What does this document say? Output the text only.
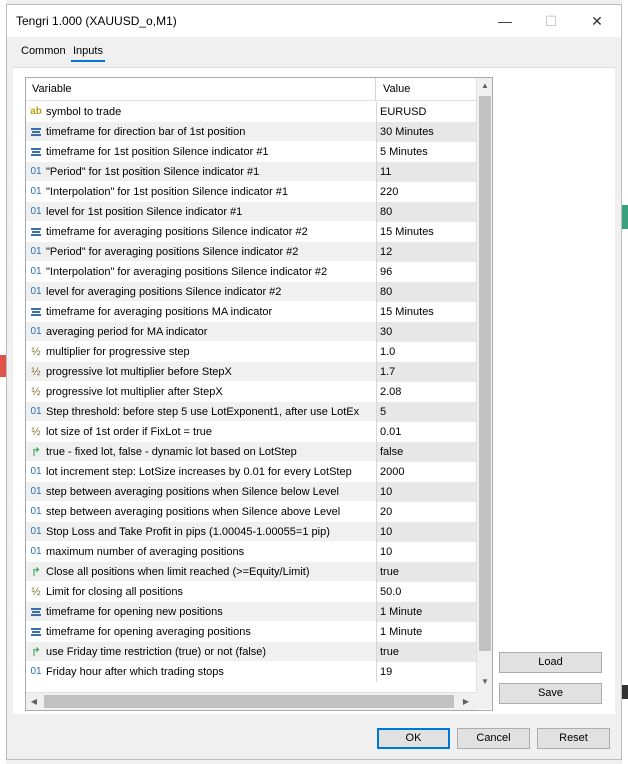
Tengri 1.000 (XAUUSD_o,M1)	—	☐	✕
Common Inputs
Variable	Value
ab symbol to trade	EURUSD
timeframe for direction bar of 1st position	30 Minutes
timeframe for 1st position Silence indicator #1	5 Minutes
01 "Period" for 1st position Silence indicator #1	11
01 "Interpolation" for 1st position Silence indicator #1	220
01 level for 1st position Silence indicator #1	80
timeframe for averaging positions Silence indicator #2	15 Minutes
01 "Period" for averaging positions Silence indicator #2	12
01 "Interpolation" for averaging positions Silence indicator #2	96
01 level for averaging positions Silence indicator #2	80
timeframe for averaging positions MA indicator	15 Minutes
01 averaging period for MA indicator	30
½ multiplier for progressive step	1.0
½ progressive lot multiplier before StepX	1.7
½ progressive lot multiplier after StepX	2.08
01 Step threshold: before step 5 use LotExponent1, after use LotEx	5
½ lot size of 1st order if FixLot = true	0.01
↱ true - fixed lot, false - dynamic lot based on LotStep	false
01 lot increment step: LotSize increases by 0.01 for every LotStep	2000
01 step between averaging positions when Silence below Level	10
01 step between averaging positions when Silence above Level	20
01 Stop Loss and Take Profit in pips (1.00045-1.00055=1 pip)	10
01 maximum number of averaging positions	10
↱ Close all positions when limit reached (>=Equity/Limit)	true
½ Limit for closing all positions	50.0
timeframe for opening new positions	1 Minute
timeframe for opening averaging positions	1 Minute
↱ use Friday time restriction (true) or not (false)	true
01 Friday hour after which trading stops	19
▲
▼
◀	▶
Load
Save
OK	Cancel	Reset
